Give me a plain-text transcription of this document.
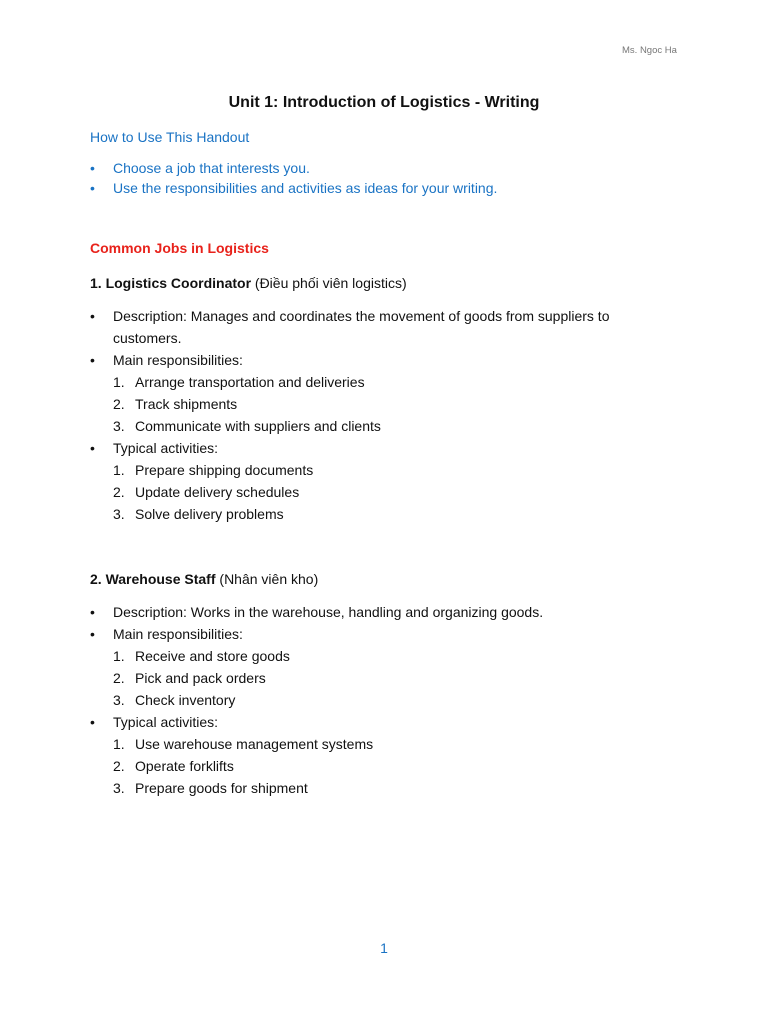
Ms. Ngoc Ha
Unit 1: Introduction of Logistics - Writing
How to Use This Handout
• Choose a job that interests you.
• Use the responsibilities and activities as ideas for your writing.
Common Jobs in Logistics
1. Logistics Coordinator (Điều phối viên logistics)
• Description: Manages and coordinates the movement of goods from suppliers to customers.
• Main responsibilities:
1. Arrange transportation and deliveries
2. Track shipments
3. Communicate with suppliers and clients
• Typical activities:
1. Prepare shipping documents
2. Update delivery schedules
3. Solve delivery problems
2. Warehouse Staff (Nhân viên kho)
• Description: Works in the warehouse, handling and organizing goods.
• Main responsibilities:
1. Receive and store goods
2. Pick and pack orders
3. Check inventory
• Typical activities:
1. Use warehouse management systems
2. Operate forklifts
3. Prepare goods for shipment
1
